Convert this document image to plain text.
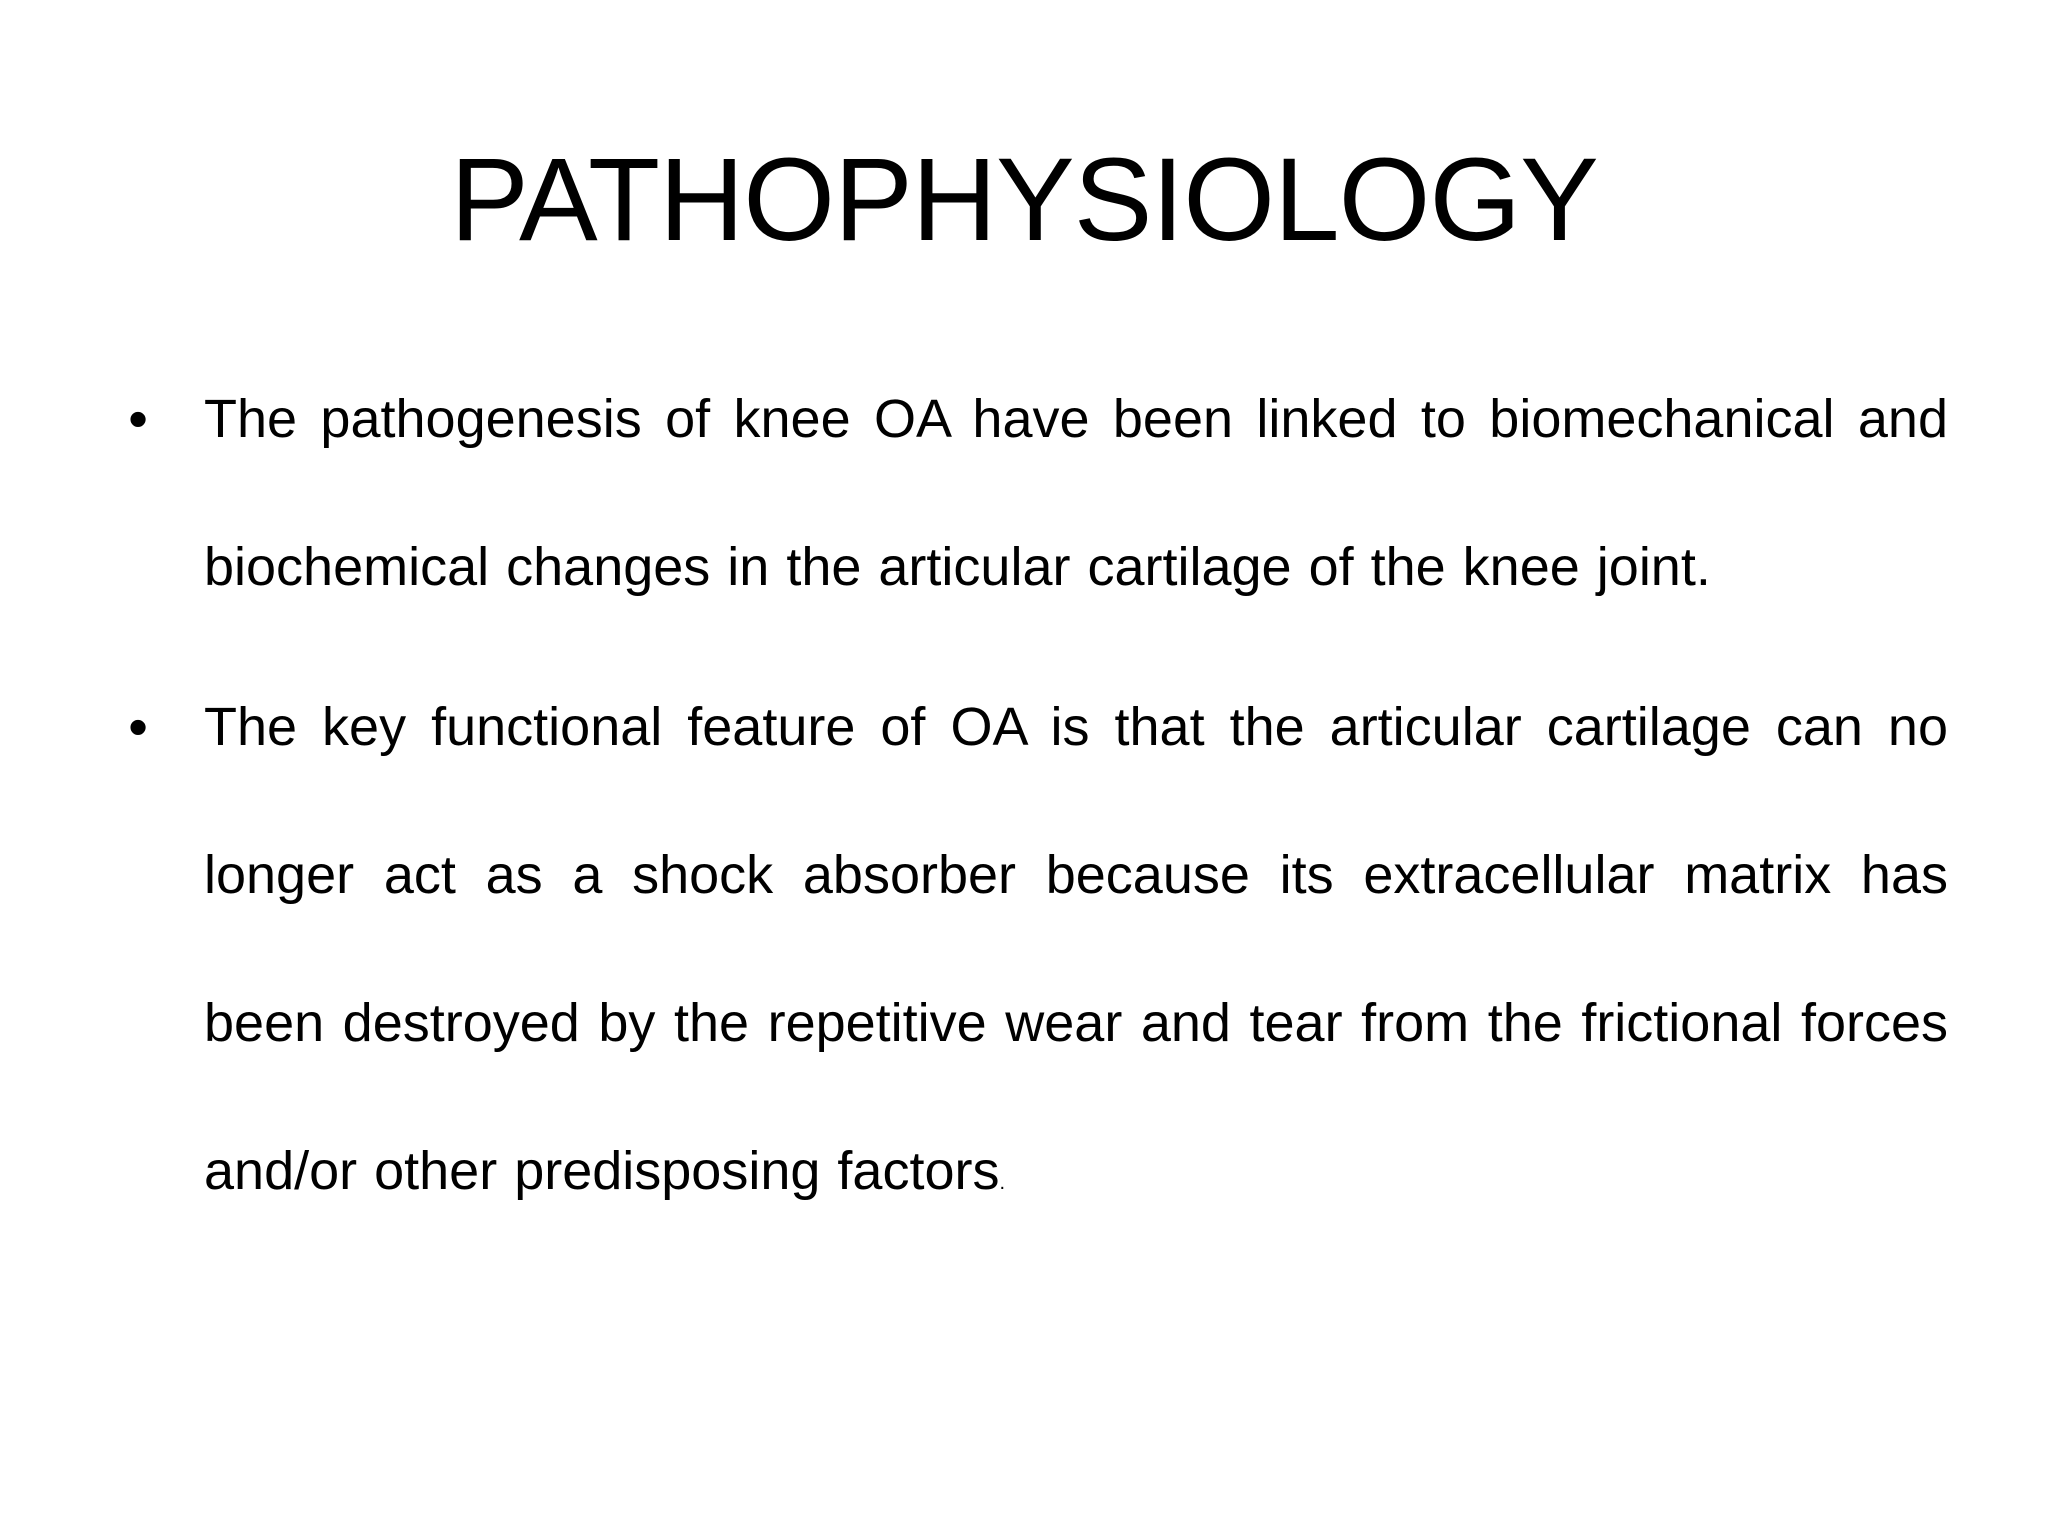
PATHOPHYSIOLOGY
• The pathogenesis of knee OA have been linked to biomechanical and biochemical changes in the articular cartilage of the knee joint.
• The key functional feature of OA is that the articular cartilage can no longer act as a shock absorber because its extracellular matrix has been destroyed by the repetitive wear and tear from the frictional forces and/or other predisposing factors.
